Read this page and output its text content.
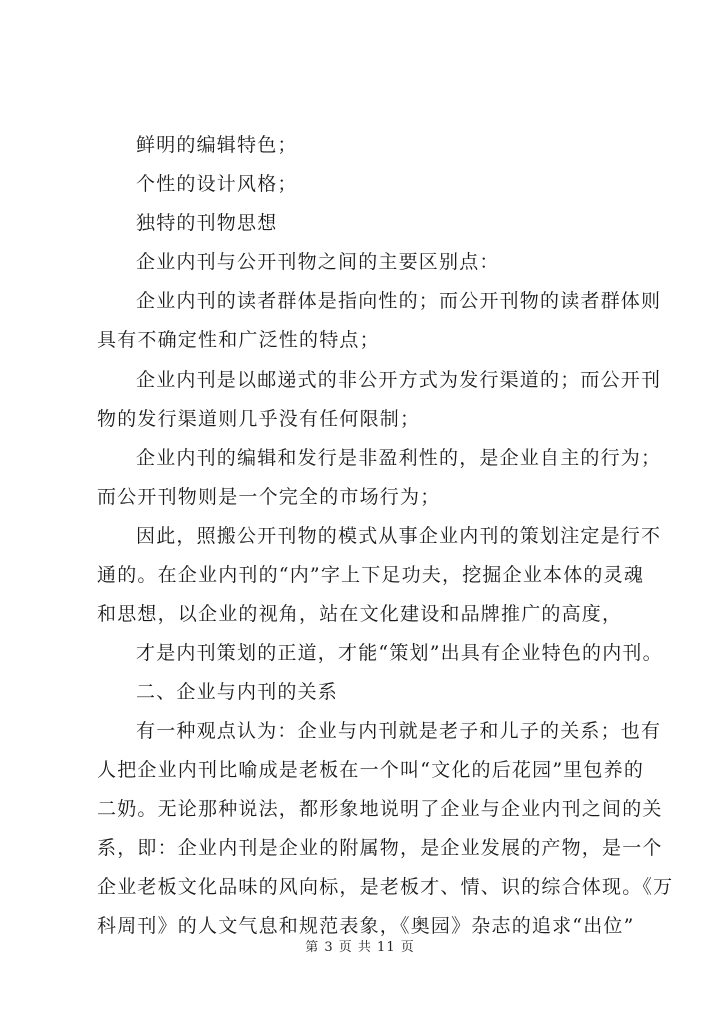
鲜明的编辑特色；
个性的设计风格；
独特的刊物思想
企业内刊与公开刊物之间的主要区别点：
企业内刊的读者群体是指向性的；而公开刊物的读者群体则
具有不确定性和广泛性的特点；
企业内刊是以邮递式的非公开方式为发行渠道的；而公开刊
物的发行渠道则几乎没有任何限制；
企业内刊的编辑和发行是非盈利性的，是企业自主的行为；
而公开刊物则是一个完全的市场行为；
因此，照搬公开刊物的模式从事企业内刊的策划注定是行不
通的。在企业内刊的“内”字上下足功夫，挖掘企业本体的灵魂
和思想，以企业的视角，站在文化建设和品牌推广的高度，
才是内刊策划的正道，才能“策划”出具有企业特色的内刊。
二、企业与内刊的关系
有一种观点认为：企业与内刊就是老子和儿子的关系；也有
人把企业内刊比喻成是老板在一个叫“文化的后花园”里包养的
二奶。无论那种说法，都形象地说明了企业与企业内刊之间的关
系，即：企业内刊是企业的附属物，是企业发展的产物，是一个
企业老板文化品味的风向标，是老板才、情、识的综合体现。《万
科周刊》的人文气息和规范表象，《奥园》杂志的追求“出位”
第 3 页 共 11 页
